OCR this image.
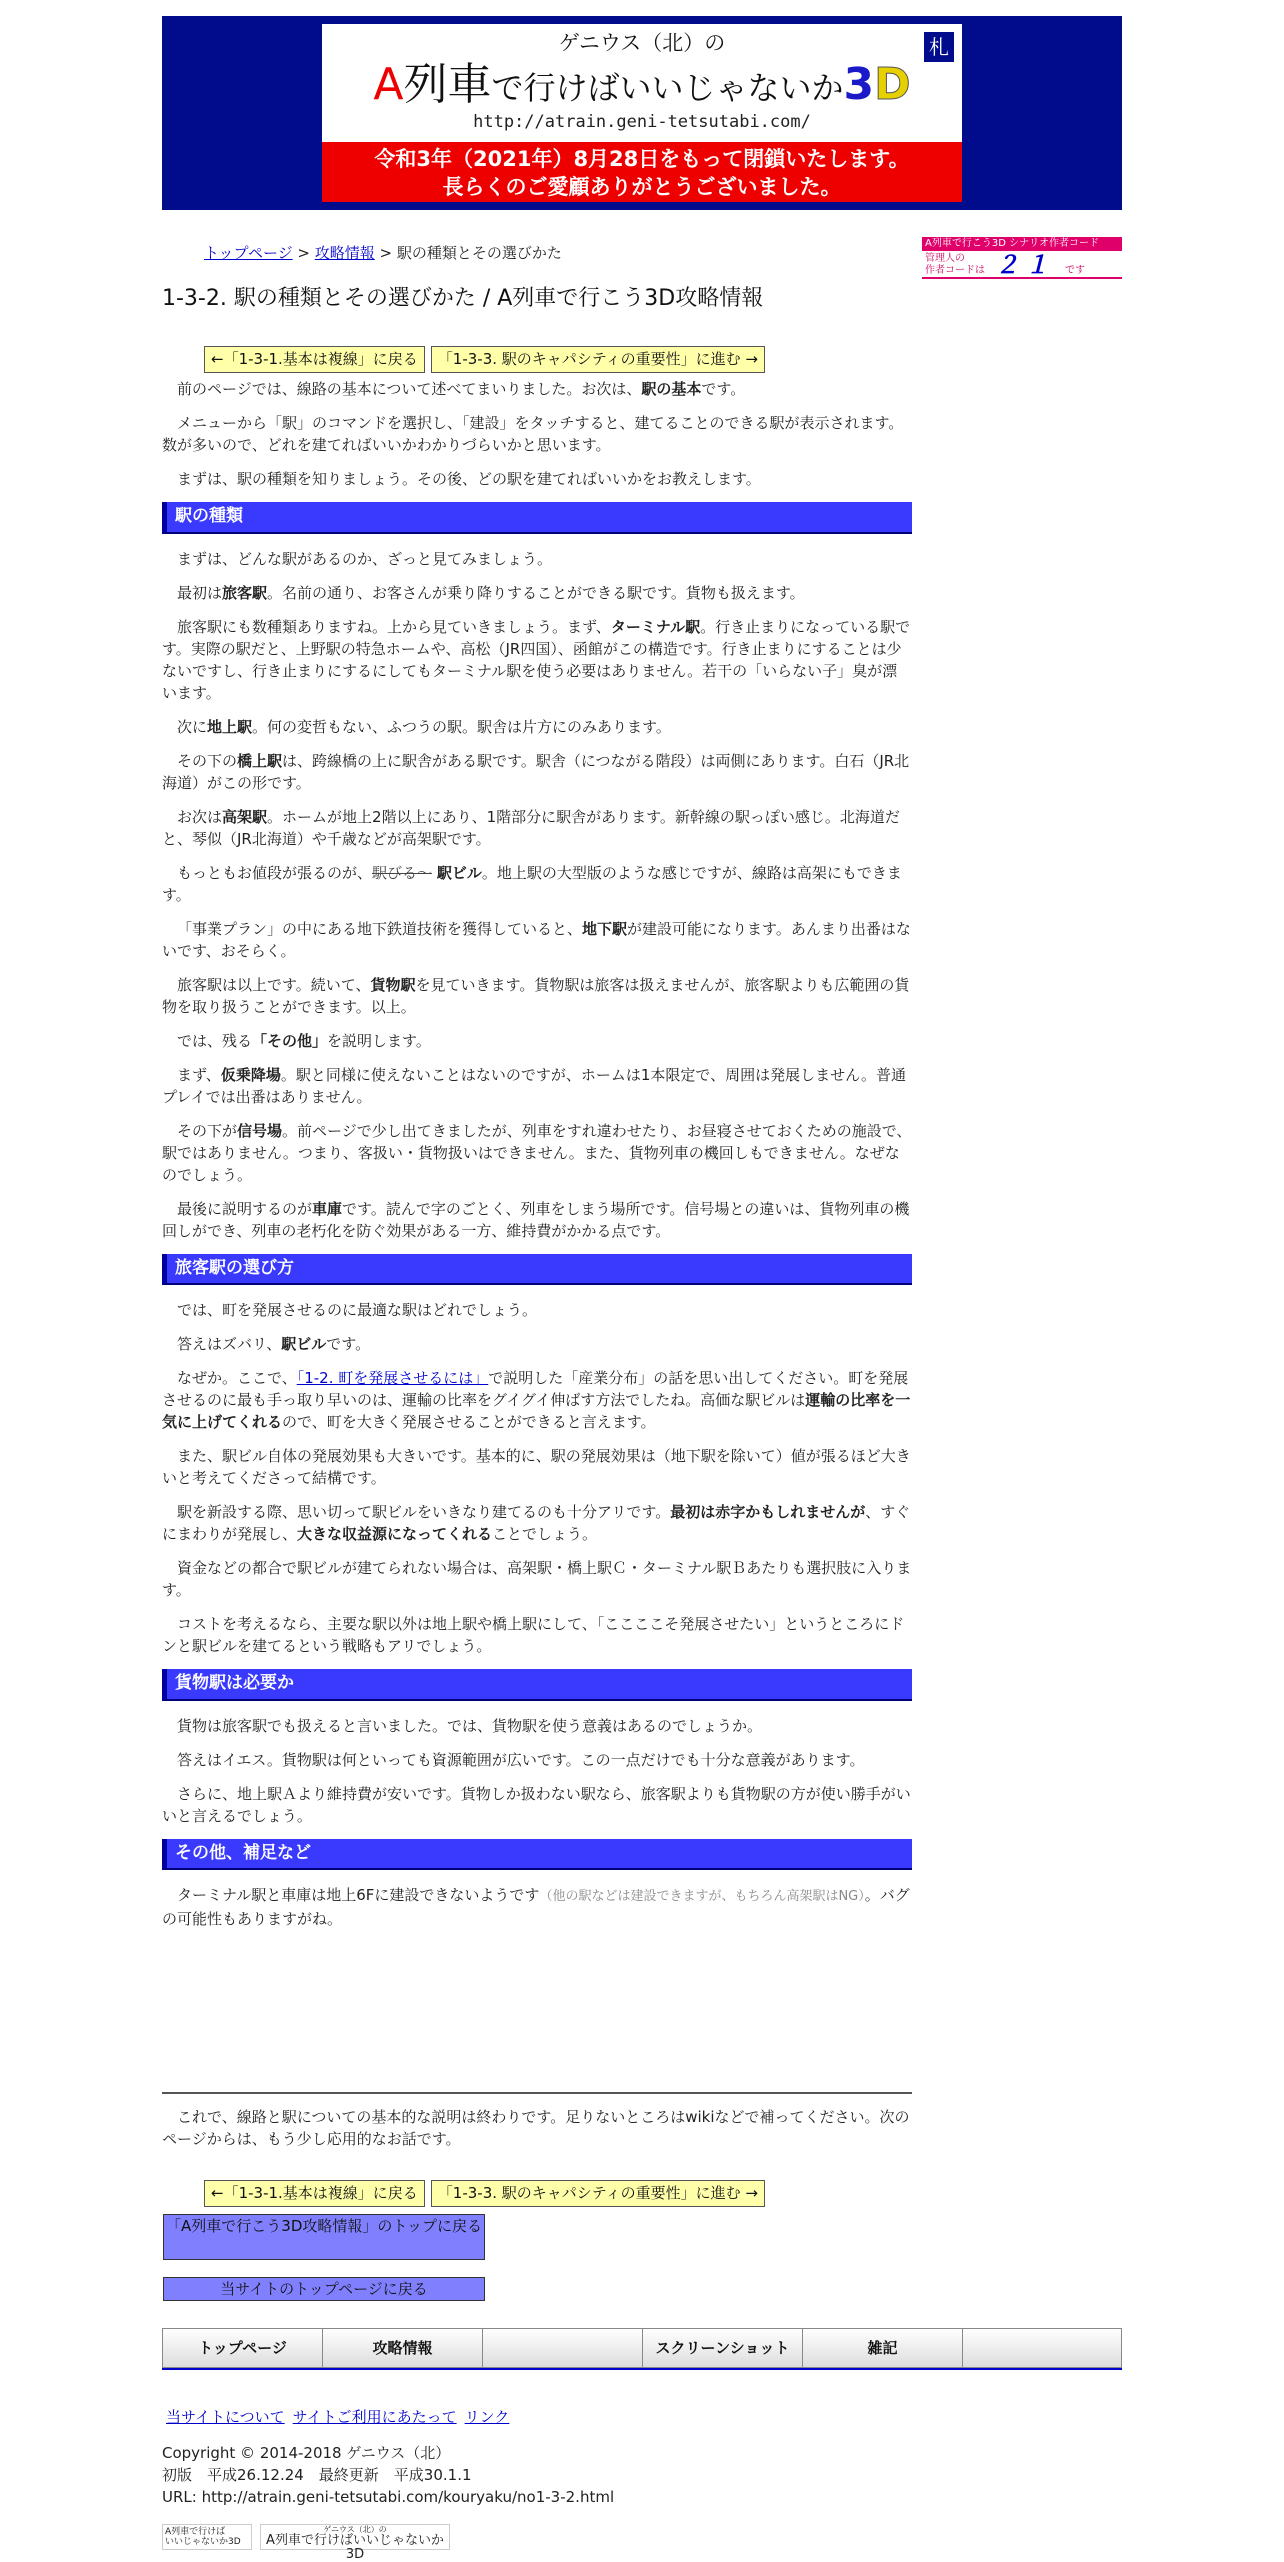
ゲニウス（北）の
A列車で行けばいいじゃないか3D
http://atrain.geni-tetsutabi.com/
札
令和3年（2021年）8月28日をもって閉鎖いたします。
長らくのご愛顧ありがとうございました。
A列車で行こう3D シナリオ作者コード
管理人の
作者コードは ２１ です
トップページ > 攻略情報 > 駅の種類とその選びかた
1-3-2. 駅の種類とその選びかた / A列車で行こう3D攻略情報
←「1-3-1.基本は複線」に戻る	「1-3-3. 駅のキャパシティの重要性」に進む →

前のページでは、線路の基本について述べてまいりました。お次は、駅の基本です。

メニューから「駅」のコマンドを選択し、「建設」をタッチすると、建てることのできる駅が表示されます。数が多いので、どれを建てればいいかわかりづらいかと思います。

まずは、駅の種類を知りましょう。その後、どの駅を建てればいいかをお教えします。

駅の種類

まずは、どんな駅があるのか、ざっと見てみましょう。

最初は旅客駅。名前の通り、お客さんが乗り降りすることができる駅です。貨物も扱えます。

旅客駅にも数種類ありますね。上から見ていきましょう。まず、ターミナル駅。行き止まりになっている駅です。実際の駅だと、上野駅の特急ホームや、高松（JR四国）、函館がこの構造です。行き止まりにすることは少ないですし、行き止まりにするにしてもターミナル駅を使う必要はありません。若干の「いらない子」臭が漂います。

次に地上駅。何の変哲もない、ふつうの駅。駅舎は片方にのみあります。

その下の橋上駅は、跨線橋の上に駅舎がある駅です。駅舎（につながる階段）は両側にあります。白石（JR北海道）がこの形です。

お次は高架駅。ホームが地上2階以上にあり、1階部分に駅舎があります。新幹線の駅っぽい感じ。北海道だと、琴似（JR北海道）や千歳などが高架駅です。

もっともお値段が張るのが、駅びる～ 駅ビル。地上駅の大型版のような感じですが、線路は高架にもできます。

「事業プラン」の中にある地下鉄道技術を獲得していると、地下駅が建設可能になります。あんまり出番はないです、おそらく。

旅客駅は以上です。続いて、貨物駅を見ていきます。貨物駅は旅客は扱えませんが、旅客駅よりも広範囲の貨物を取り扱うことができます。以上。

では、残る「その他」を説明します。

まず、仮乗降場。駅と同様に使えないことはないのですが、ホームは1本限定で、周囲は発展しません。普通プレイでは出番はありません。

その下が信号場。前ページで少し出てきましたが、列車をすれ違わせたり、お昼寝させておくための施設で、駅ではありません。つまり、客扱い・貨物扱いはできません。また、貨物列車の機回しもできません。なぜなのでしょう。

最後に説明するのが車庫です。読んで字のごとく、列車をしまう場所です。信号場との違いは、貨物列車の機回しができ、列車の老朽化を防ぐ効果がある一方、維持費がかかる点です。

旅客駅の選び方

では、町を発展させるのに最適な駅はどれでしょう。

答えはズバリ、駅ビルです。

なぜか。ここで、「1-2. 町を発展させるには」で説明した「産業分布」の話を思い出してください。町を発展させるのに最も手っ取り早いのは、運輸の比率をグイグイ伸ばす方法でしたね。高価な駅ビルは運輸の比率を一気に上げてくれるので、町を大きく発展させることができると言えます。

また、駅ビル自体の発展効果も大きいです。基本的に、駅の発展効果は（地下駅を除いて）値が張るほど大きいと考えてくださって結構です。

駅を新設する際、思い切って駅ビルをいきなり建てるのも十分アリです。最初は赤字かもしれませんが、すぐにまわりが発展し、大きな収益源になってくれることでしょう。

資金などの都合で駅ビルが建てられない場合は、高架駅・橋上駅Ｃ・ターミナル駅Ｂあたりも選択肢に入ります。

コストを考えるなら、主要な駅以外は地上駅や橋上駅にして、「ここここそ発展させたい」というところにドンと駅ビルを建てるという戦略もアリでしょう。

貨物駅は必要か

貨物は旅客駅でも扱えると言いました。では、貨物駅を使う意義はあるのでしょうか。

答えはイエス。貨物駅は何といっても資源範囲が広いです。この一点だけでも十分な意義があります。

さらに、地上駅Ａより維持費が安いです。貨物しか扱わない駅なら、旅客駅よりも貨物駅の方が使い勝手がいいと言えるでしょう。

その他、補足など

ターミナル駅と車庫は地上6Fに建設できないようです（他の駅などは建設できますが、もちろん高架駅はNG）。バグの可能性もありますがね。

これで、線路と駅についての基本的な説明は終わりです。足りないところはwikiなどで補ってください。次のページからは、もう少し応用的なお話です。

←「1-3-1.基本は複線」に戻る	「1-3-3. 駅のキャパシティの重要性」に進む →
「A列車で行こう3D攻略情報」のトップに戻る
当サイトのトップページに戻る
トップページ	攻略情報	スクリーンショット	雑記
当サイトについて サイトご利用にあたって リンク
Copyright © 2014-2018 ゲニウス（北）
初版　平成26.12.24　最終更新　平成30.1.1
URL: http://atrain.geni-tetsutabi.com/kouryaku/no1-3-2.html
A列車で行けば
いいじゃないか3D
ゲニウス（北）の
A列車で行けばいいじゃないか3D
